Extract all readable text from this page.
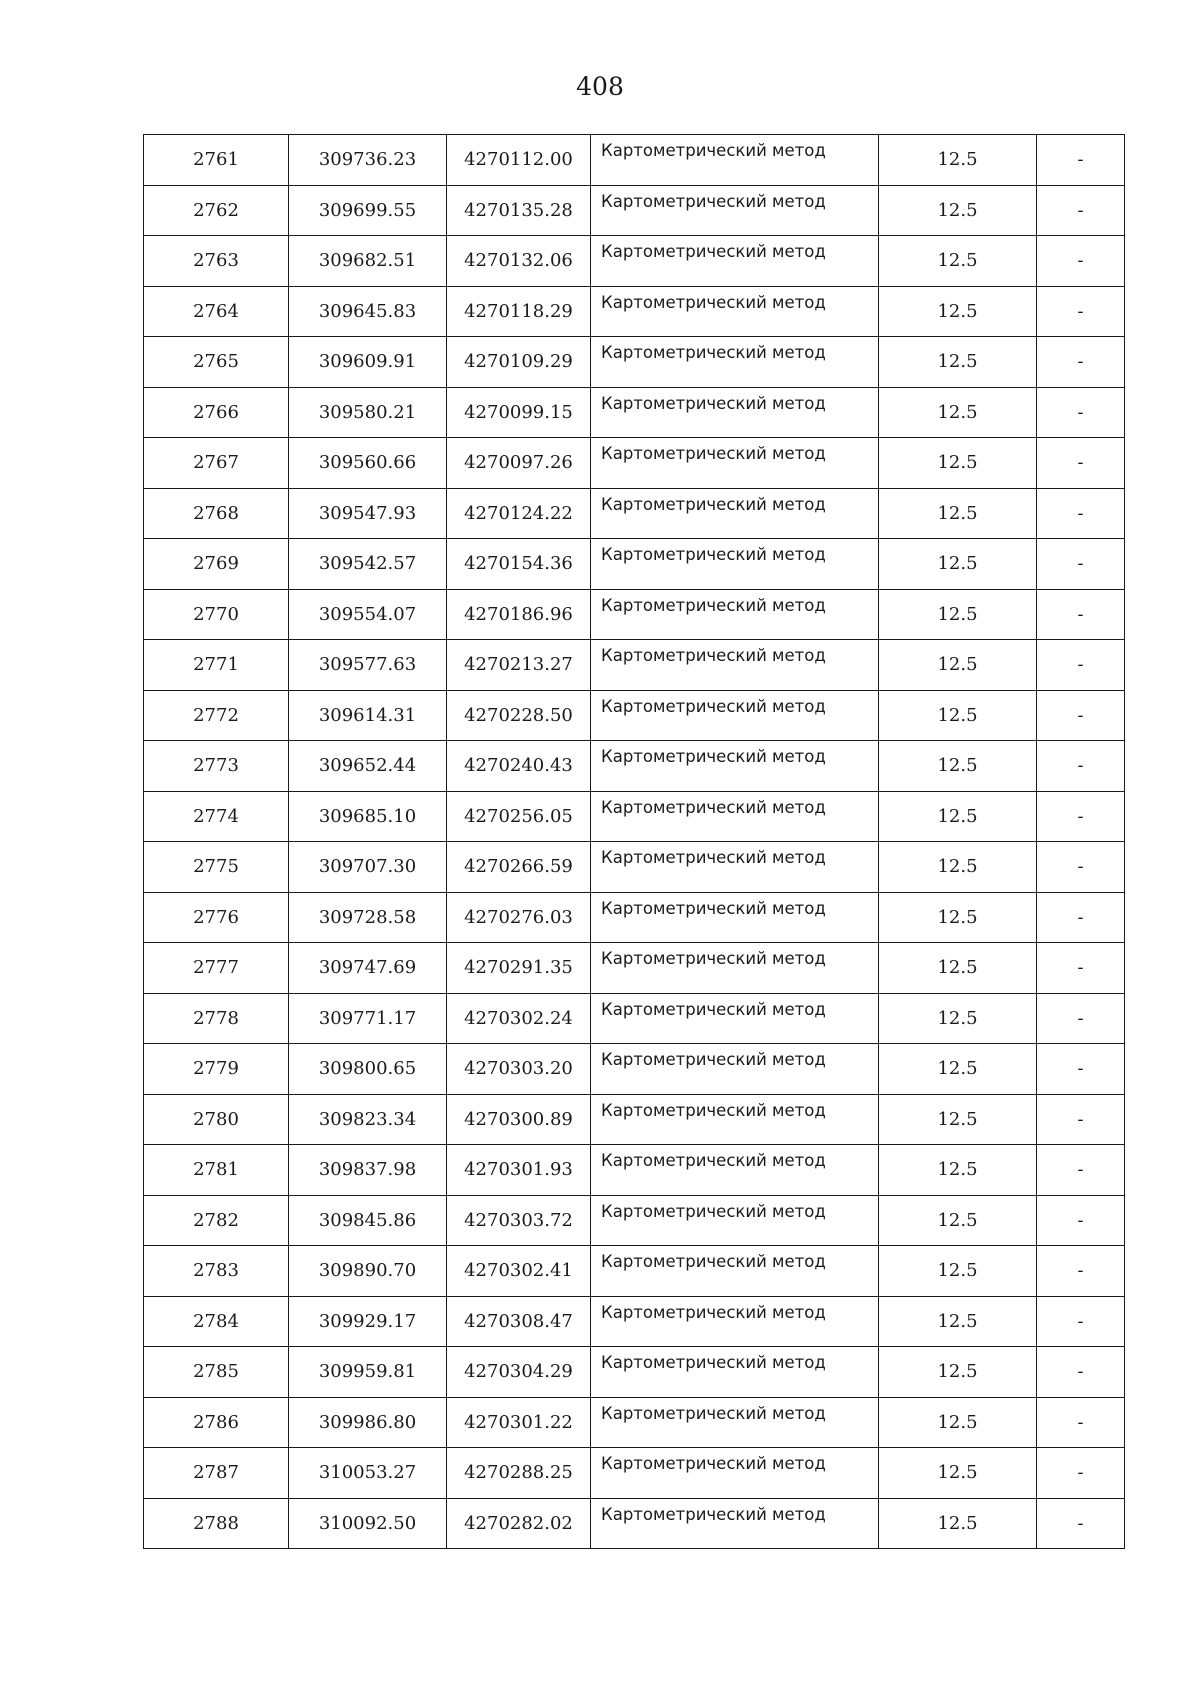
408
2761	309736.23	4270112.00	Картометрический метод	12.5	-
2762	309699.55	4270135.28	Картометрический метод	12.5	-
2763	309682.51	4270132.06	Картометрический метод	12.5	-
2764	309645.83	4270118.29	Картометрический метод	12.5	-
2765	309609.91	4270109.29	Картометрический метод	12.5	-
2766	309580.21	4270099.15	Картометрический метод	12.5	-
2767	309560.66	4270097.26	Картометрический метод	12.5	-
2768	309547.93	4270124.22	Картометрический метод	12.5	-
2769	309542.57	4270154.36	Картометрический метод	12.5	-
2770	309554.07	4270186.96	Картометрический метод	12.5	-
2771	309577.63	4270213.27	Картометрический метод	12.5	-
2772	309614.31	4270228.50	Картометрический метод	12.5	-
2773	309652.44	4270240.43	Картометрический метод	12.5	-
2774	309685.10	4270256.05	Картометрический метод	12.5	-
2775	309707.30	4270266.59	Картометрический метод	12.5	-
2776	309728.58	4270276.03	Картометрический метод	12.5	-
2777	309747.69	4270291.35	Картометрический метод	12.5	-
2778	309771.17	4270302.24	Картометрический метод	12.5	-
2779	309800.65	4270303.20	Картометрический метод	12.5	-
2780	309823.34	4270300.89	Картометрический метод	12.5	-
2781	309837.98	4270301.93	Картометрический метод	12.5	-
2782	309845.86	4270303.72	Картометрический метод	12.5	-
2783	309890.70	4270302.41	Картометрический метод	12.5	-
2784	309929.17	4270308.47	Картометрический метод	12.5	-
2785	309959.81	4270304.29	Картометрический метод	12.5	-
2786	309986.80	4270301.22	Картометрический метод	12.5	-
2787	310053.27	4270288.25	Картометрический метод	12.5	-
2788	310092.50	4270282.02	Картометрический метод	12.5	-
